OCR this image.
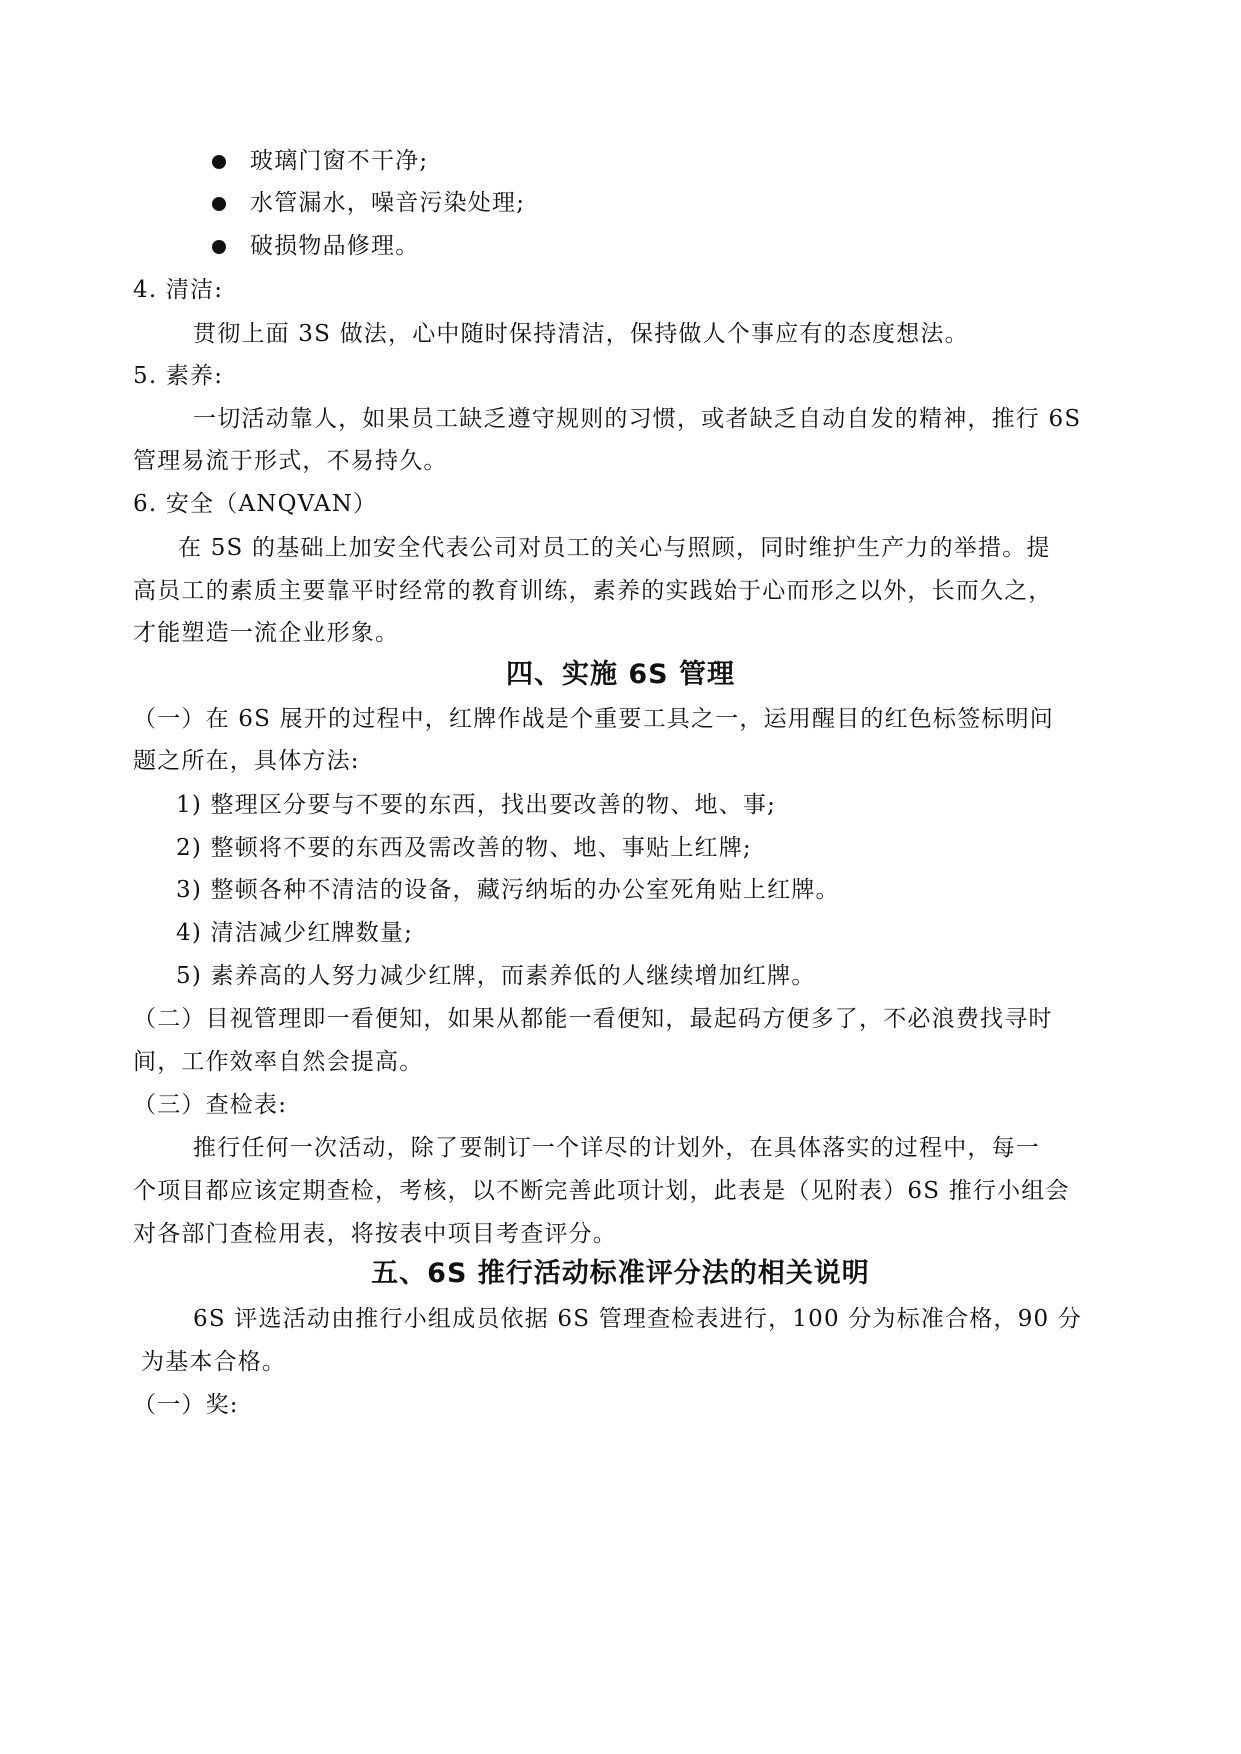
玻璃门窗不干净;
水管漏水，噪音污染处理;
破损物品修理。
4. 清洁:
贯彻上面 3S 做法，心中随时保持清洁，保持做人个事应有的态度想法。
5. 素养:
一切活动靠人，如果员工缺乏遵守规则的习惯，或者缺乏自动自发的精神，推行 6S
管理易流于形式，不易持久。
6. 安全（ANQVAN）
在 5S 的基础上加安全代表公司对员工的关心与照顾，同时维护生产力的举措。提
高员工的素质主要靠平时经常的教育训练，素养的实践始于心而形之以外，长而久之，
才能塑造一流企业形象。
四、实施 6S 管理
（一）在 6S 展开的过程中，红牌作战是个重要工具之一，运用醒目的红色标签标明问
题之所在，具体方法:
1) 整理区分要与不要的东西，找出要改善的物、地、事;
2) 整顿将不要的东西及需改善的物、地、事贴上红牌;
3) 整顿各种不清洁的设备，藏污纳垢的办公室死角贴上红牌。
4) 清洁减少红牌数量;
5) 素养高的人努力减少红牌，而素养低的人继续增加红牌。
（二）目视管理即一看便知，如果从都能一看便知，最起码方便多了，不必浪费找寻时
间，工作效率自然会提高。
（三）查检表:
推行任何一次活动，除了要制订一个详尽的计划外，在具体落实的过程中，每一
个项目都应该定期查检，考核，以不断完善此项计划，此表是（见附表）6S 推行小组会
对各部门查检用表，将按表中项目考查评分。
五、6S 推行活动标准评分法的相关说明
6S 评选活动由推行小组成员依据 6S 管理查检表进行，100 分为标准合格，90 分
为基本合格。
（一）奖:
